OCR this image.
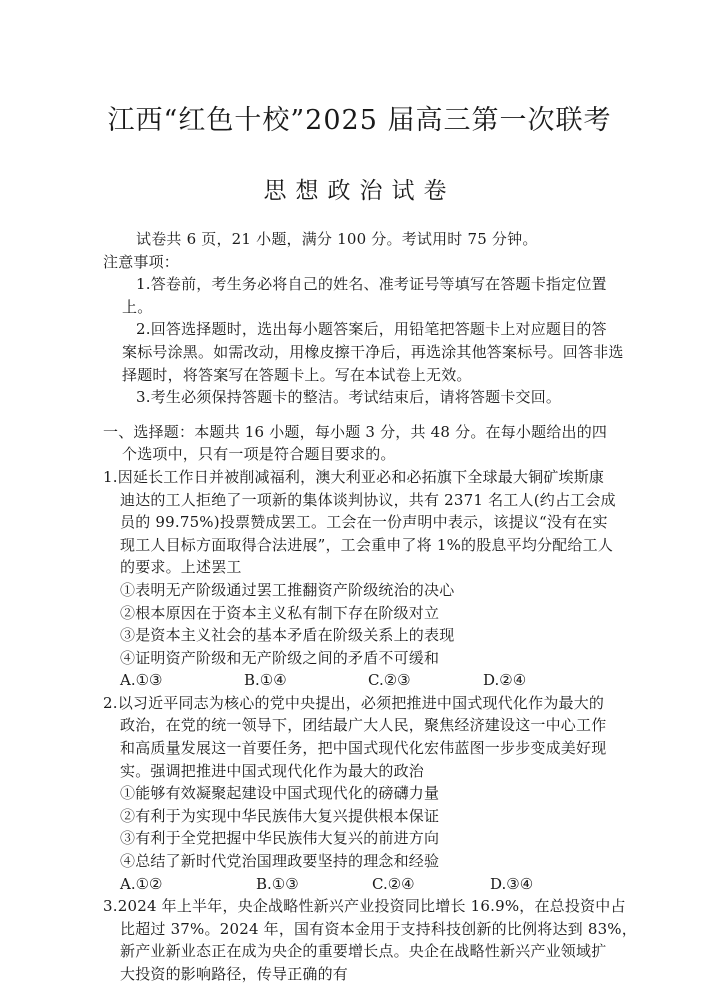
江西“红色十校”2025 届高三第一次联考
思想政治试卷
试卷共 6 页，21 小题，满分 100 分。考试用时 75 分钟。
注意事项：
1.答卷前，考生务必将自己的姓名、准考证号等填写在答题卡指定位置
上。
2.回答选择题时，选出每小题答案后，用铅笔把答题卡上对应题目的答
案标号涂黑。如需改动，用橡皮擦干净后，再选涂其他答案标号。回答非选
择题时，将答案写在答题卡上。写在本试卷上无效。
3.考生必须保持答题卡的整洁。考试结束后，请将答题卡交回。
一、选择题：本题共 16 小题，每小题 3 分，共 48 分。在每小题给出的四
个选项中，只有一项是符合题目要求的。
1.因延长工作日并被削减福利，澳大利亚必和必拓旗下全球最大铜矿埃斯康
迪达的工人拒绝了一项新的集体谈判协议，共有 2371 名工人(约占工会成
员的 99.75%)投票赞成罢工。工会在一份声明中表示，该提议“没有在实
现工人目标方面取得合法进展”，工会重申了将 1%的股息平均分配给工人
的要求。上述罢工
①表明无产阶级通过罢工推翻资产阶级统治的决心
②根本原因在于资本主义私有制下存在阶级对立
③是资本主义社会的基本矛盾在阶级关系上的表现
④证明资产阶级和无产阶级之间的矛盾不可缓和
A.①③	B.①④	C.②③	D.②④
2.以习近平同志为核心的党中央提出，必须把推进中国式现代化作为最大的
政治，在党的统一领导下，团结最广大人民，聚焦经济建设这一中心工作
和高质量发展这一首要任务，把中国式现代化宏伟蓝图一步步变成美好现
实。强调把推进中国式现代化作为最大的政治
①能够有效凝聚起建设中国式现代化的磅礴力量
②有利于为实现中华民族伟大复兴提供根本保证
③有利于全党把握中华民族伟大复兴的前进方向
④总结了新时代党治国理政要坚持的理念和经验
A.①②	B.①③	C.②④	D.③④
3.2024 年上半年，央企战略性新兴产业投资同比增长 16.9%，在总投资中占
比超过 37%。2024 年，国有资本金用于支持科技创新的比例将达到 83%，
新产业新业态正在成为央企的重要增长点。央企在战略性新兴产业领域扩
大投资的影响路径，传导正确的有
